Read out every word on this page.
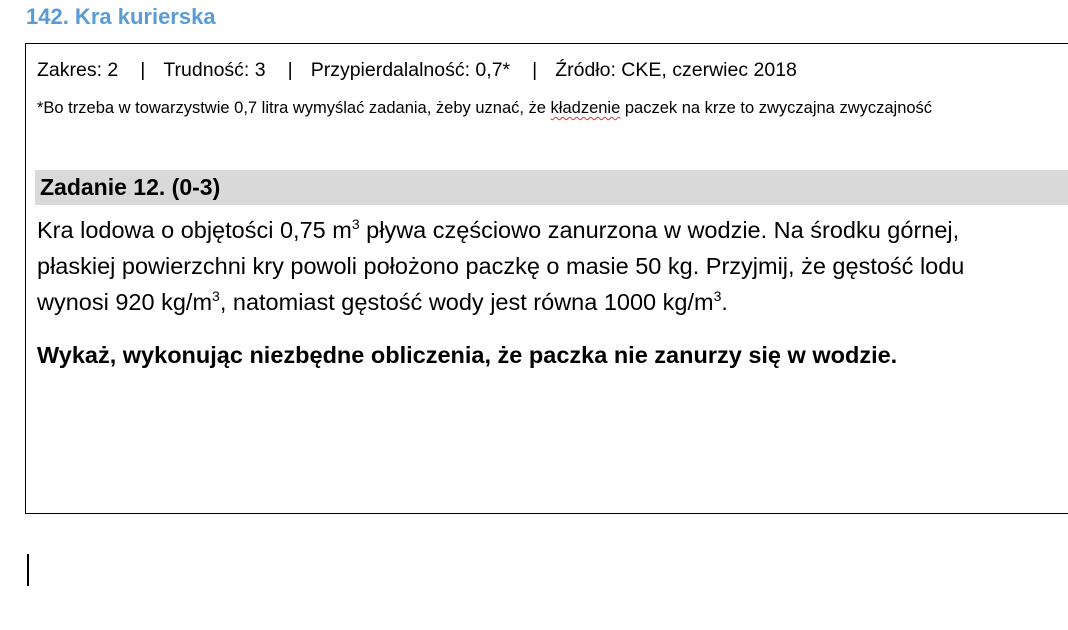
142. Kra kurierska
Zakres: 2 | Trudność: 3 | Przypierdalalność: 0,7* | Źródło: CKE, czerwiec 2018
*Bo trzeba w towarzystwie 0,7 litra wymyślać zadania, żeby uznać, że kładzenie paczek na krze to zwyczajna zwyczajność
Zadanie 12. (0-3)
Kra lodowa o objętości 0,75 $m^3$ pływa częściowo zanurzona w wodzie. Na środku górnej,
płaskiej powierzchni kry powoli położono paczkę o masie 50 kg. Przyjmij, że gęstość lodu
wynosi 920 $kg/m^3$, natomiast gęstość wody jest równa 1000 $kg/m^3$.
Wykaż, wykonując niezbędne obliczenia, że paczka nie zanurzy się w wodzie.
